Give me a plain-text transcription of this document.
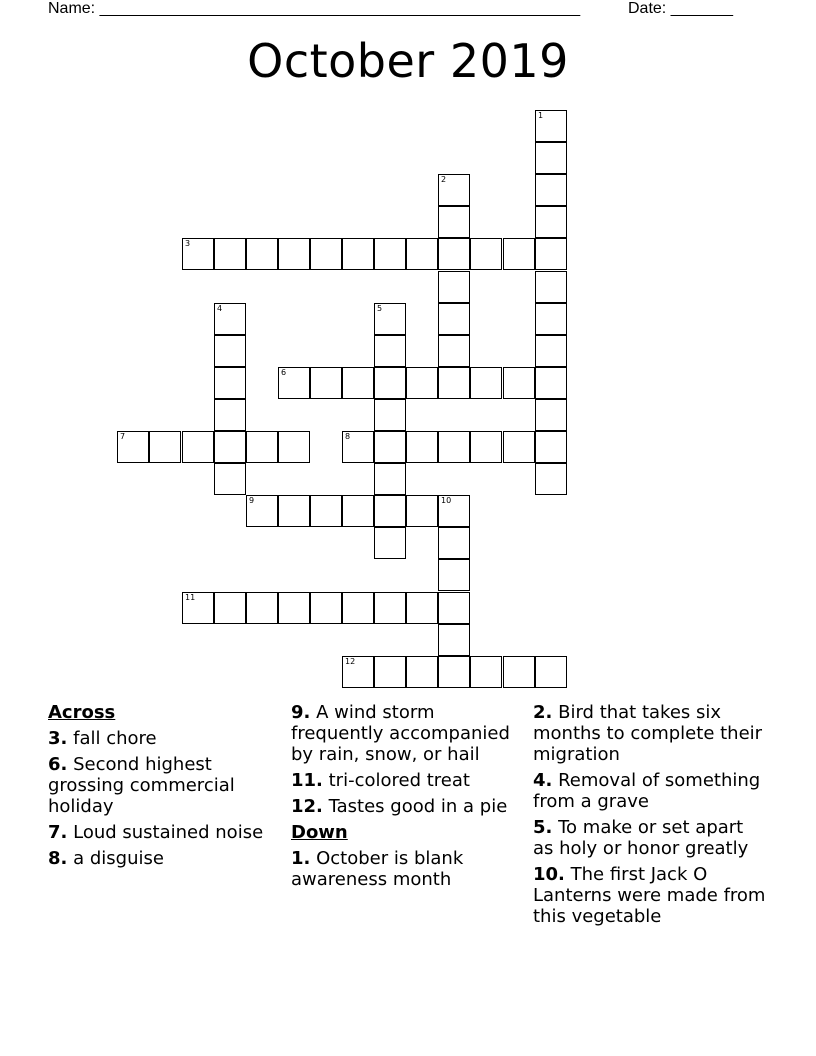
Name: ______________________________________________________	Date: _______
October 2019
1
2
3
4	5
6
7	8
9	10
11
12
Across
3. fall chore
6. Second highest grossing commercial holiday
7. Loud sustained noise
8. a disguise
9. A wind storm frequently accompanied by rain, snow, or hail
11. tri-colored treat
12. Tastes good in a pie
Down
1. October is blank awareness month
2. Bird that takes six months to complete their migration
4. Removal of something from a grave
5. To make or set apart as holy or honor greatly
10. The first Jack O Lanterns were made from this vegetable
